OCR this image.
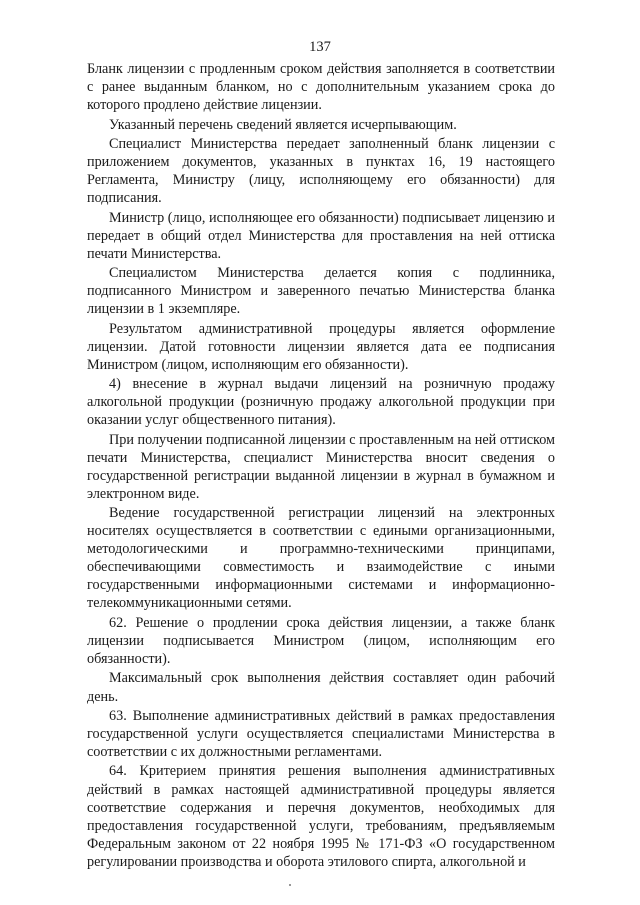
137

Бланк лицензии с продленным сроком действия заполняется в соответствии с ранее выданным бланком, но с дополнительным указанием срока до которого продлено действие лицензии.

Указанный перечень сведений является исчерпывающим.

Специалист Министерства передает заполненный бланк лицензии с приложением документов, указанных в пунктах 16, 19 настоящего Регламента, Министру (лицу, исполняющему его обязанности) для подписания.

Министр (лицо, исполняющее его обязанности) подписывает лицензию и передает в общий отдел Министерства для проставления на ней оттиска печати Министерства.

Специалистом Министерства делается копия с подлинника, подписанного Министром и заверенного печатью Министерства бланка лицензии в 1 экземпляре.

Результатом административной процедуры является оформление лицензии. Датой готовности лицензии является дата ее подписания Министром (лицом, исполняющим его обязанности).

4) внесение в журнал выдачи лицензий на розничную продажу алкогольной продукции (розничную продажу алкогольной продукции при оказании услуг общественного питания).

При получении подписанной лицензии с проставленным на ней оттиском печати Министерства, специалист Министерства вносит сведения о государственной регистрации выданной лицензии в журнал в бумажном и электронном виде.

Ведение государственной регистрации лицензий на электронных носителях осуществляется в соответствии с едиными организационными, методологическими и программно-техническими принципами, обеспечивающими совместимость и взаимодействие с иными государственными информационными системами и информационно-телекоммуникационными сетями.

62. Решение о продлении срока действия лицензии, а также бланк лицензии подписывается Министром (лицом, исполняющим его обязанности).

Максимальный срок выполнения действия составляет один рабочий день.

63. Выполнение административных действий в рамках предоставления государственной услуги осуществляется специалистами Министерства в соответствии с их должностными регламентами.

64. Критерием принятия решения выполнения административных действий в рамках настоящей административной процедуры является соответствие содержания и перечня документов, необходимых для предоставления государственной услуги, требованиям, предъявляемым Федеральным законом от 22 ноября 1995 № 171-ФЗ «О государственном регулировании производства и оборота этилового спирта, алкогольной и
